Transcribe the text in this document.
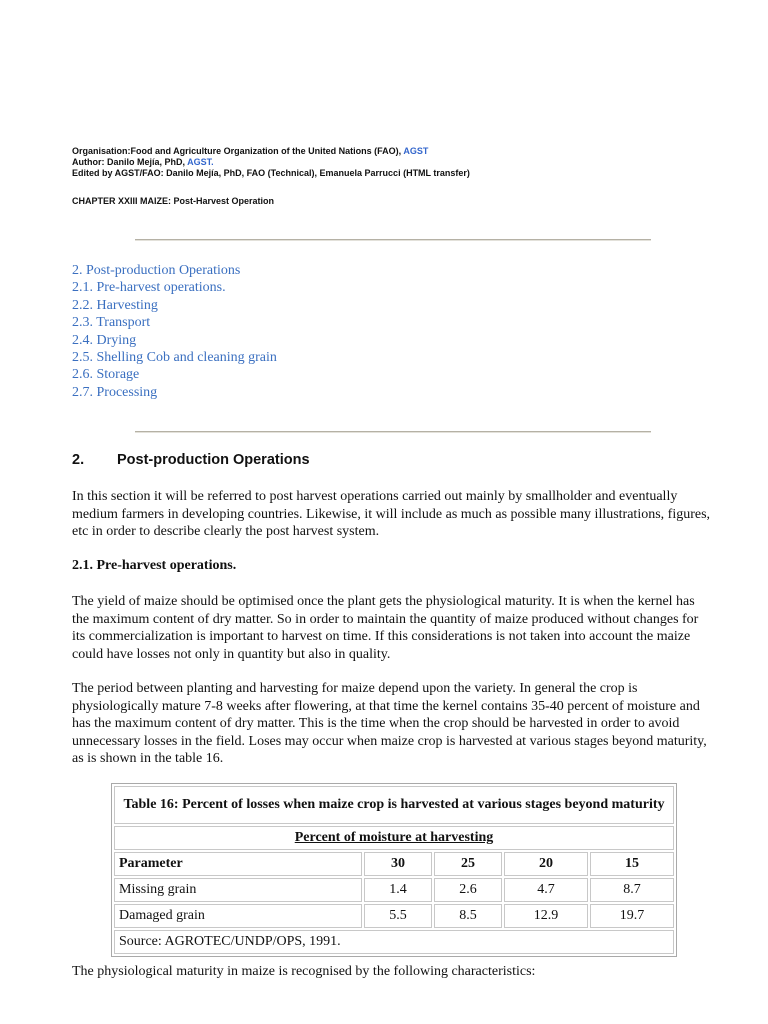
Organisation:Food and Agriculture Organization of the United Nations (FAO), AGST
Author: Danilo Mejía, PhD, AGST.
Edited by AGST/FAO: Danilo Mejía, PhD, FAO (Technical), Emanuela Parrucci (HTML transfer)
CHAPTER XXIII MAIZE: Post-Harvest Operation
2. Post-production Operations
2.1. Pre-harvest operations.
2.2. Harvesting
2.3. Transport
2.4. Drying
2.5. Shelling Cob and cleaning grain
2.6. Storage
2.7. Processing
2. Post-production Operations

In this section it will be referred to post harvest operations carried out mainly by smallholder and eventually medium farmers in developing countries. Likewise, it will include as much as possible many illustrations, figures, etc in order to describe clearly the post harvest system.

2.1. Pre-harvest operations.

The yield of maize should be optimised once the plant gets the physiological maturity. It is when the kernel has the maximum content of dry matter. So in order to maintain the quantity of maize produced without changes for its commercialization is important to harvest on time. If this considerations is not taken into account the maize could have losses not only in quantity but also in quality.

The period between planting and harvesting for maize depend upon the variety. In general the crop is physiologically mature 7-8 weeks after flowering, at that time the kernel contains 35-40 percent of moisture and has the maximum content of dry matter. This is the time when the crop should be harvested in order to avoid unnecessary losses in the field. Loses may occur when maize crop is harvested at various stages beyond maturity, as is shown in the table 16.

Table 16: Percent of losses when maize crop is harvested at various stages beyond maturity				
Percent of moisture at harvesting				
Parameter	30	25	20	15
Missing grain	1.4	2.6	4.7	8.7
Damaged grain	5.5	8.5	12.9	19.7
Source: AGROTEC/UNDP/OPS, 1991.				

The physiological maturity in maize is recognised by the following characteristics:
